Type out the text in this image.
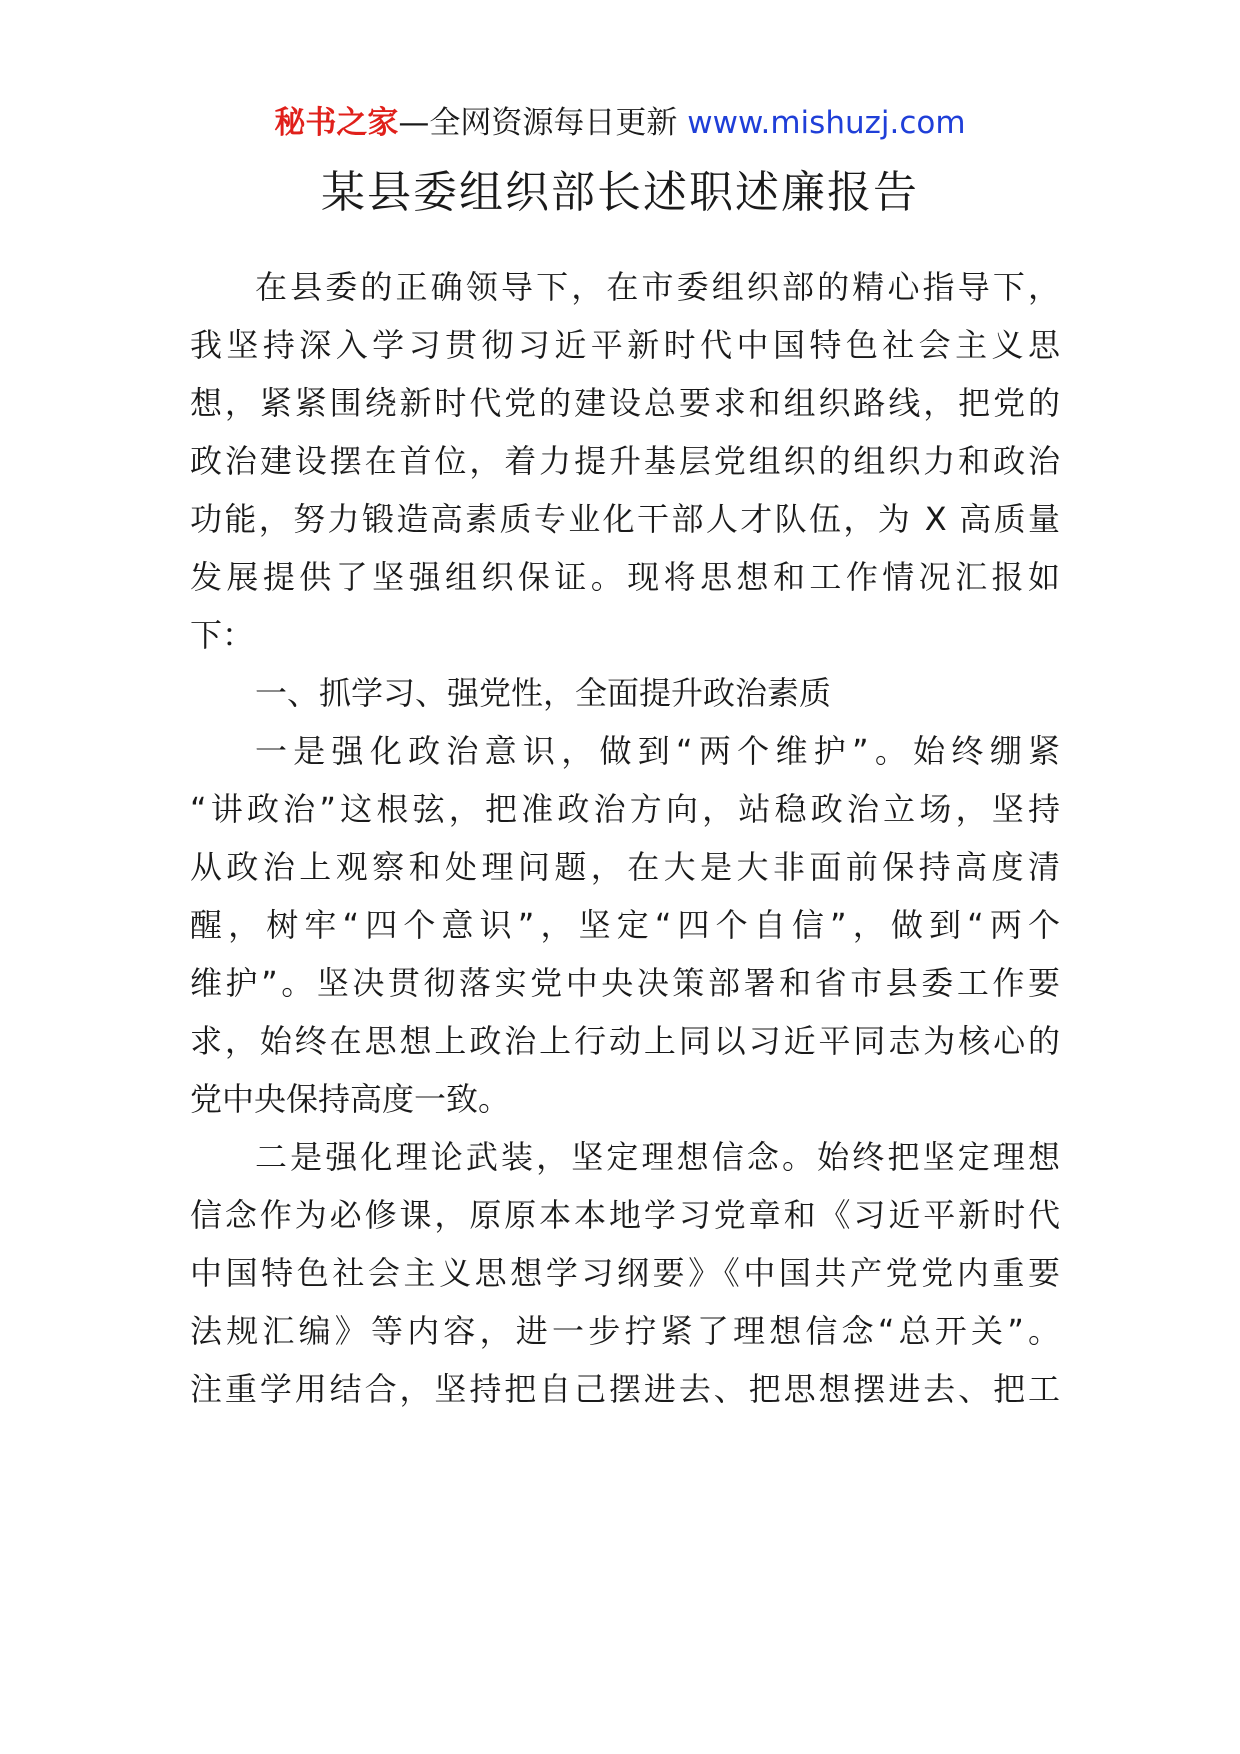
秘书之家—全网资源每日更新 www.mishuzj.com
某县委组织部长述职述廉报告
在县委的正确领导下，在市委组织部的精心指导下，
我坚持深入学习贯彻习近平新时代中国特色社会主义思
想，紧紧围绕新时代党的建设总要求和组织路线，把党的
政治建设摆在首位，着力提升基层党组织的组织力和政治
功能，努力锻造高素质专业化干部人才队伍，为 X 高质量
发展提供了坚强组织保证。现将思想和工作情况汇报如
下：
一、抓学习、强党性，全面提升政治素质
一是强化政治意识，做到“两个维护”。始终绷紧
“讲政治”这根弦，把准政治方向，站稳政治立场，坚持
从政治上观察和处理问题，在大是大非面前保持高度清
醒，树牢“四个意识”，坚定“四个自信”，做到“两个
维护”。坚决贯彻落实党中央决策部署和省市县委工作要
求，始终在思想上政治上行动上同以习近平同志为核心的
党中央保持高度一致。
二是强化理论武装，坚定理想信念。始终把坚定理想
信念作为必修课，原原本本地学习党章和《习近平新时代
中国特色社会主义思想学习纲要》《中国共产党党内重要
法规汇编》等内容，进一步拧紧了理想信念“总开关”。
注重学用结合，坚持把自己摆进去、把思想摆进去、把工
